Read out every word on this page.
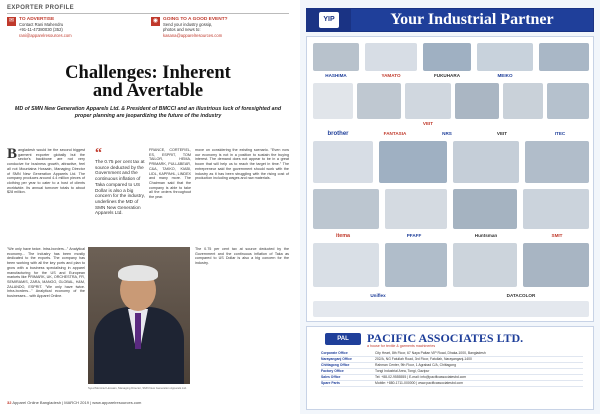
EXPORTER PROFILE
✉	TO ADVERTISE
Contact Rani Mahendru
+91-11-47380030 (352)
rani@apparelresources.com
◉	GOING TO A GOOD EVENT?
Send your industry gossip,
photos and news to:
kasana@apparelresources.com
Challenges: Inherent
and Avertable
MD of SMN New Generation Apparels Ltd. & President of BMCCI and an illustrious luck of foresighted and proper planning are jeopardizing the future of the industry
Bangladesh would be the second biggest garment exporter globally but the sector's backbone are not very conducive for business growth, attractive, feel all not Mountaina Hossain, Managing Director of SMN New Generation Apparels Ltd. The company produces around 4.4 million pieces of clothing per year to cater to a host of clients worldwide. Its annual turnover totals to about $28 million.
“
The 0.75 per cent tax at source deducted by the Government and the continuous inflation of Taka compared to US Dollar is also a big concern for the industry, underlines the MD of SMN New Generation Apparels Ltd.
FRANCE, CORTEFIEL, ES, ESPRIT, TOM TAILOR, HEMA, PRIMARK, PULL&BEAR, C&A, TAKKO, KIABI, LIDL, KAPPAHL, LINDEX and many more. The Chairman said that the company is able to take all the orders throughout the year.
move on considering the existing scenario. "Even now our economy is not in a position to sustain the buying interest. The demand does not appear to be in a great boom that will help us to reach the target in time." The entrepreneur said the government should work with the industry as it has been struggling with the rising cost of production including wages and raw materials.
"We only have twice. Intra-borders..." Analytical economy... The industry has been mostly dedicated to the exports. The company has been working with all the key ports and plan to grow with a business specialising in apparel manufacturing for the US and European markets like PRIMARK, UK, ORCHESTRA, FR, SEMIRAMIS, ZARA, MANGO, GLOBAL, H&M, ZALANDO, ESPRIT. "We only have twice. Intra-borders..." Analytical economy of the businesses... with Apparel Online.
Syed Mominul Hossain, Managing Director, SMN New Generation Apparels Ltd.
The 0.75 per cent tax at source deducted by the Government and the continuous inflation of Taka as compared to US Dollar is also a big concern for the industry.
32 Apparel Online Bangladesh | MARCH 2019 | www.apparelresources.com
YIP	Your Industrial Partner
HASHIMA	YAMATO	FUKUHARA	MEIKO
VEIT
brother	FANTASIA	NRS	VEIT	ITEC
itema	PFAFF	Huntsman	SMIT
Uniflex	DATACOLOR
PAL	PACIFIC ASSOCIATES LTD.
a house for textile & garments machineries
Corporate Office	City Heart, 8th Floor, 67 Naya Paltan VIP Road, Dhaka-1000, Bangladesh
Narayanganj Office	202/A, NG Fatullah Road, 3rd Floor, Fatullah, Narayanganj-1400
Chittagong Office	Rahman Center, 9th Floor, 1 Agrabad C/A, Chittagong
Factory Office	Tongi Industrial Area, Tongi, Gazipur
Sales Office	Tel: +88-02-9555555 | E-mail: info@pacificassociatesbd.com
Spare Parts	Mobile: +880-1711-000000 | www.pacificassociatesbd.com
